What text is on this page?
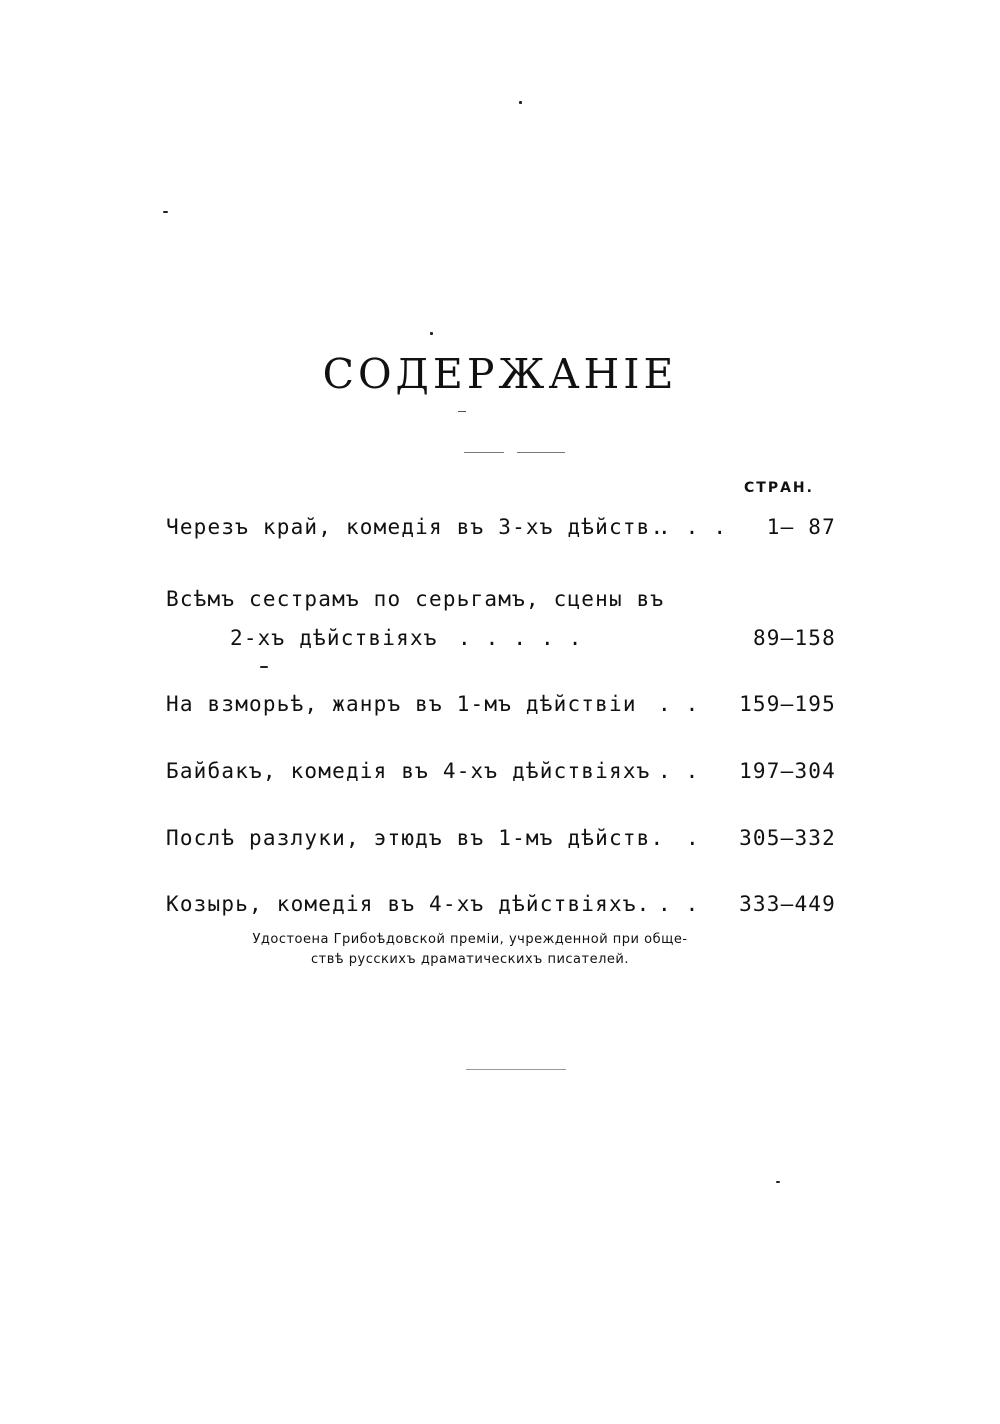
СОДЕРЖАНІЕ
СТРАН.
Черезъ край, комедія въ 3-хъ дѣйств.
. . . 1— 87
Всѣмъ сестрамъ по серьгамъ, сцены въ
2-хъ дѣйствіяхъ . . . . .	89—158
На взморьѣ, жанръ въ 1-мъ дѣйствіи . . 159—195
Байбакъ, комедія въ 4-хъ дѣйствіяхъ . . 197—304
Послѣ разлуки, этюдъ въ 1-мъ дѣйств. . 305—332
Козырь, комедія въ 4-хъ дѣйствіяхъ. . . 333—449
Удостоена Грибоѣдовской преміи, учрежденной при обще-
ствѣ русскихъ драматическихъ писателей.
